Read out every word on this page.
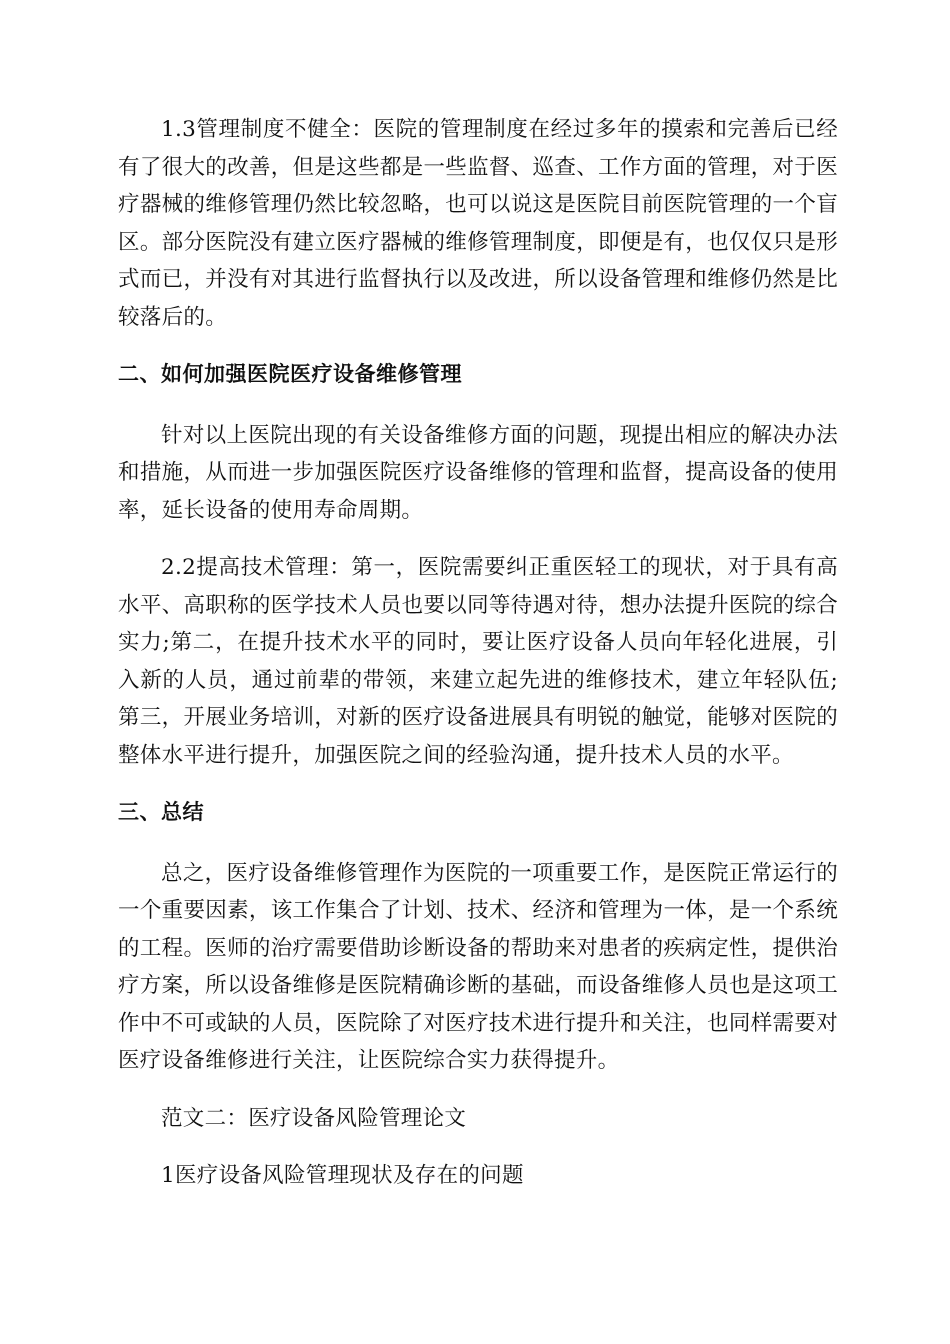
1.3管理制度不健全：医院的管理制度在经过多年的摸索和完善后已经有了很大的改善，但是这些都是一些监督、巡查、工作方面的管理，对于医疗器械的维修管理仍然比较忽略，也可以说这是医院目前医院管理的一个盲区。部分医院没有建立医疗器械的维修管理制度，即便是有，也仅仅只是形式而已，并没有对其进行监督执行以及改进，所以设备管理和维修仍然是比较落后的。

二、如何加强医院医疗设备维修管理

针对以上医院出现的有关设备维修方面的问题，现提出相应的解决办法和措施，从而进一步加强医院医疗设备维修的管理和监督，提高设备的使用率，延长设备的使用寿命周期。

2.2提高技术管理：第一，医院需要纠正重医轻工的现状，对于具有高水平、高职称的医学技术人员也要以同等待遇对待，想办法提升医院的综合实力;第二，在提升技术水平的同时，要让医疗设备人员向年轻化进展，引入新的人员，通过前辈的带领，来建立起先进的维修技术，建立年轻队伍;第三，开展业务培训，对新的医疗设备进展具有明锐的触觉，能够对医院的整体水平进行提升，加强医院之间的经验沟通，提升技术人员的水平。

三、总结

总之，医疗设备维修管理作为医院的一项重要工作，是医院正常运行的一个重要因素，该工作集合了计划、技术、经济和管理为一体，是一个系统的工程。医师的治疗需要借助诊断设备的帮助来对患者的疾病定性，提供治疗方案，所以设备维修是医院精确诊断的基础，而设备维修人员也是这项工作中不可或缺的人员，医院除了对医疗技术进行提升和关注，也同样需要对医疗设备维修进行关注，让医院综合实力获得提升。

范文二：医疗设备风险管理论文

1医疗设备风险管理现状及存在的问题
